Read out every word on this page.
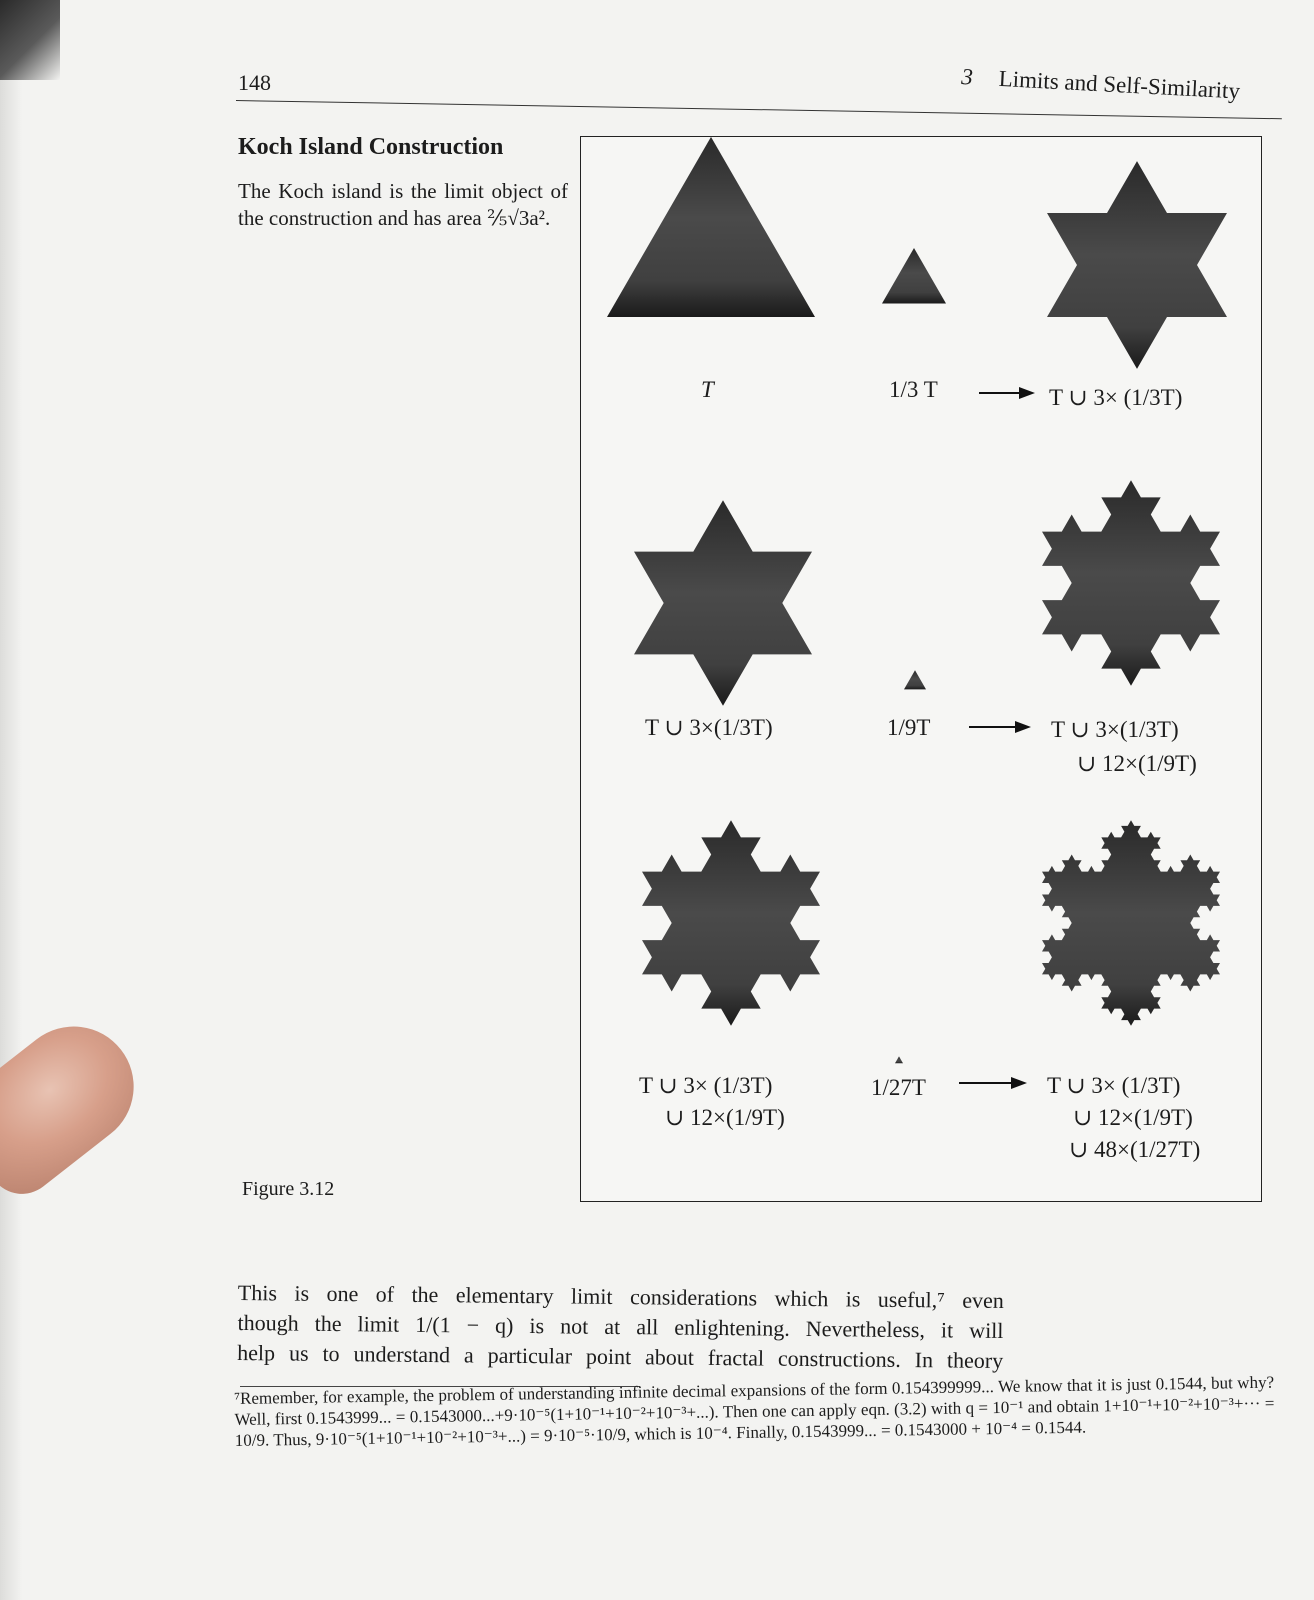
148	3 Limits and Self-Similarity
Koch Island Construction
The Koch island is the limit object of the construction and has area ⅖√3a².
Figure 3.12
T	1/3 T	T ∪ 3× (1/3T)
T ∪ 3×(1/3T)	1/9T	T ∪ 3×(1/3T)
∪ 12×(1/9T)
T ∪ 3× (1/3T)
∪ 12×(1/9T)
1/27T	T ∪ 3× (1/3T)
∪ 12×(1/9T)
∪ 48×(1/27T)

This is one of the elementary limit considerations which is useful,⁷ even

though the limit 1/(1 − q) is not at all enlightening. Nevertheless, it will

help us to understand a particular point about fractal constructions. In theory

⁷Remember, for example, the problem of understanding infinite decimal expansions of the form 0.154399999... We know that it is just 0.1544, but why? Well, first 0.1543999... = 0.1543000...+9·10⁻⁵(1+10⁻¹+10⁻²+10⁻³+...). Then one can apply eqn. (3.2) with q = 10⁻¹ and obtain 1+10⁻¹+10⁻²+10⁻³+··· = 10/9. Thus, 9·10⁻⁵(1+10⁻¹+10⁻²+10⁻³+...) = 9·10⁻⁵·10/9, which is 10⁻⁴. Finally, 0.1543999... = 0.1543000 + 10⁻⁴ = 0.1544.
